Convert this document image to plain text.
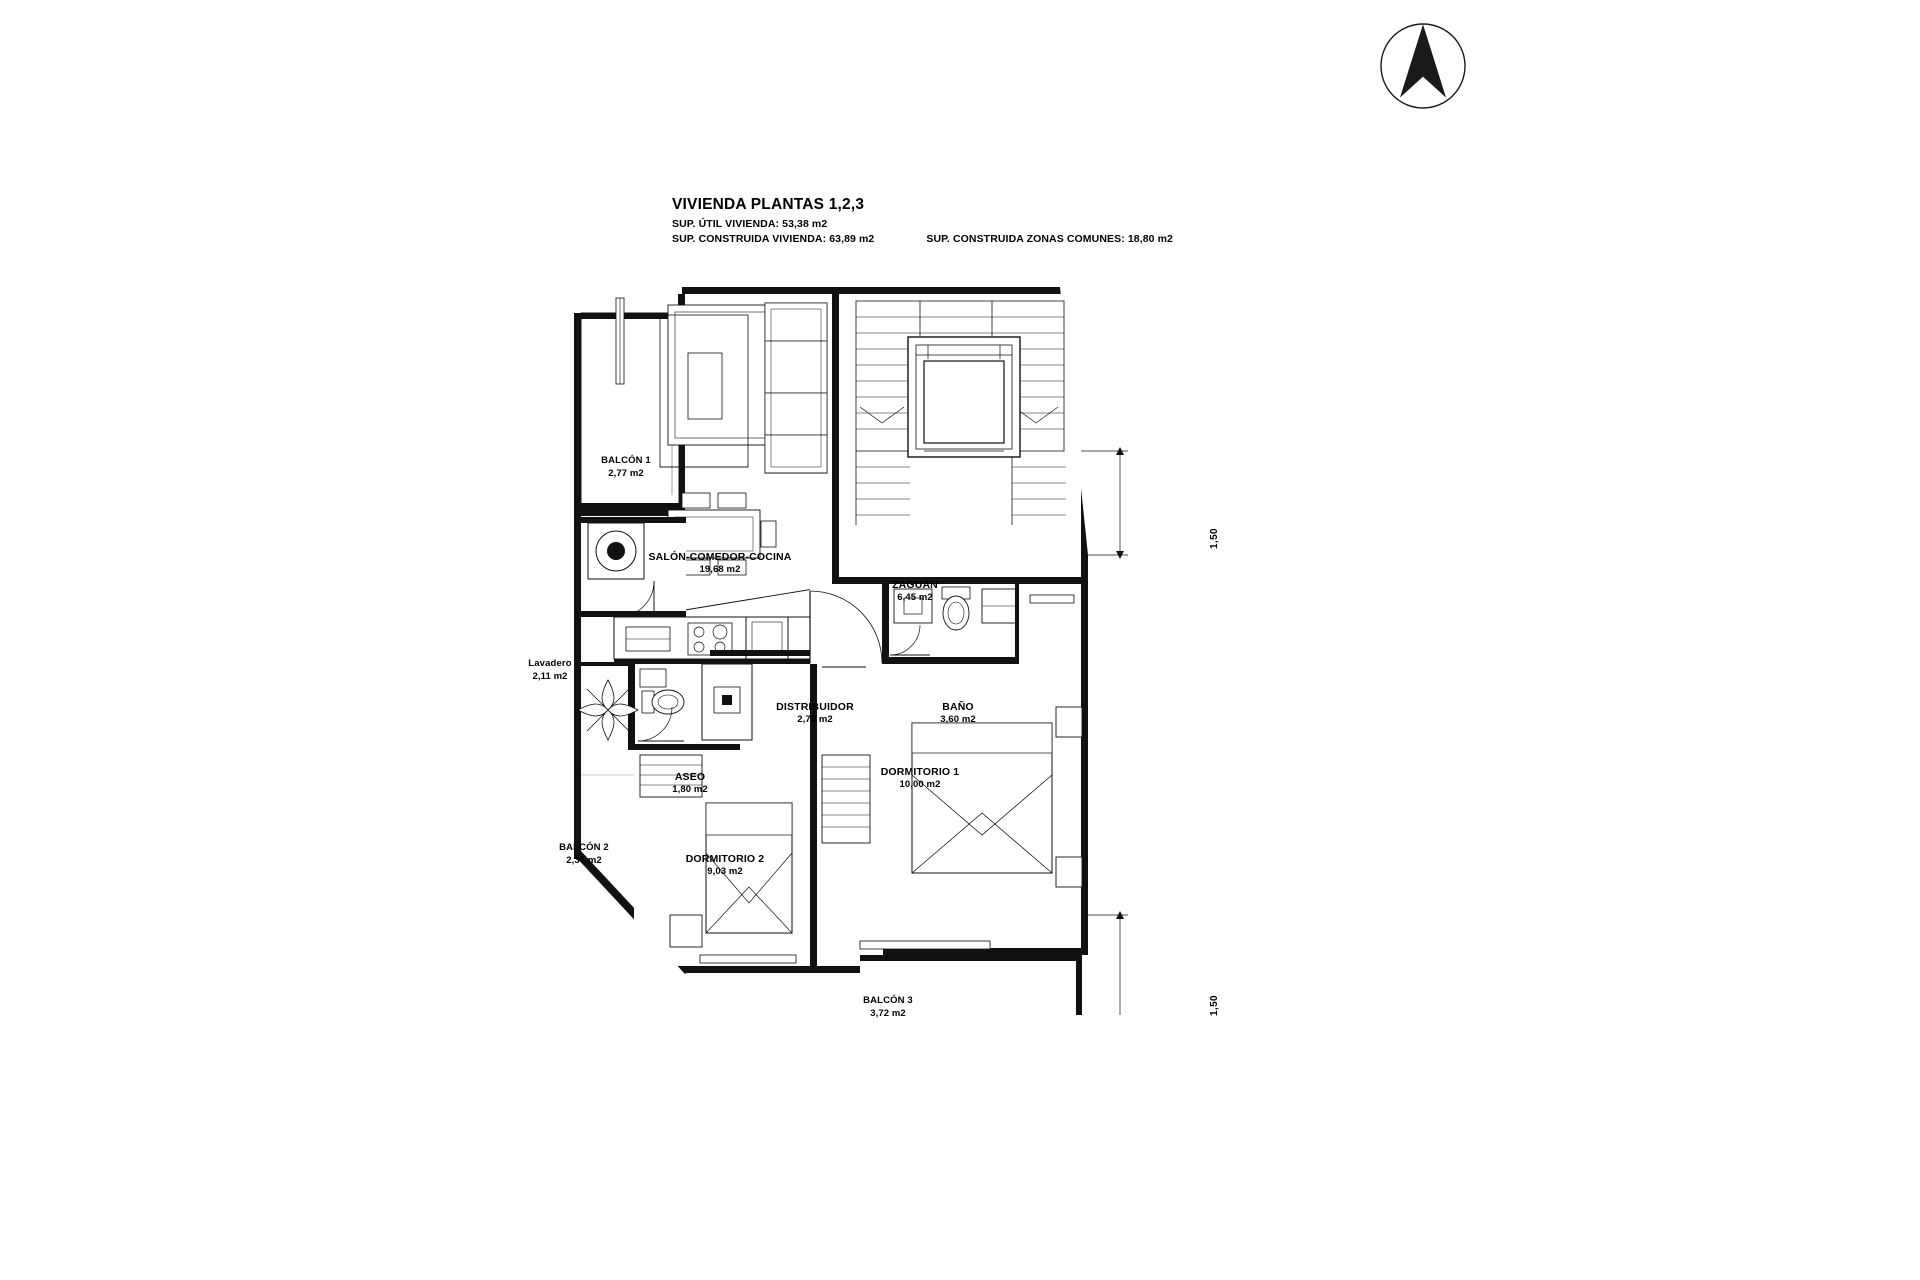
VIVIENDA PLANTAS 1,2,3
SUP. ÚTIL VIVIENDA: 53,38 m2
SUP. CONSTRUIDA VIVIENDA: 63,89 m2	SUP. CONSTRUIDA ZONAS COMUNES: 18,80 m2
BALCÓN 1
2,77 m2
SALÓN-COMEDOR-COCINA
19,68 m2
ZAGUÁN
6,45 m2
Lavadero
2,11 m2
DISTRIBUIDOR
2,73 m2
BAÑO
3,60 m2
ASEO
1,80 m2
DORMITORIO 1
10,00 m2
DORMITORIO 2
9,03 m2
BALCÓN 2
2,37 m2
BALCÓN 3
3,72 m2
1,50
1,50
